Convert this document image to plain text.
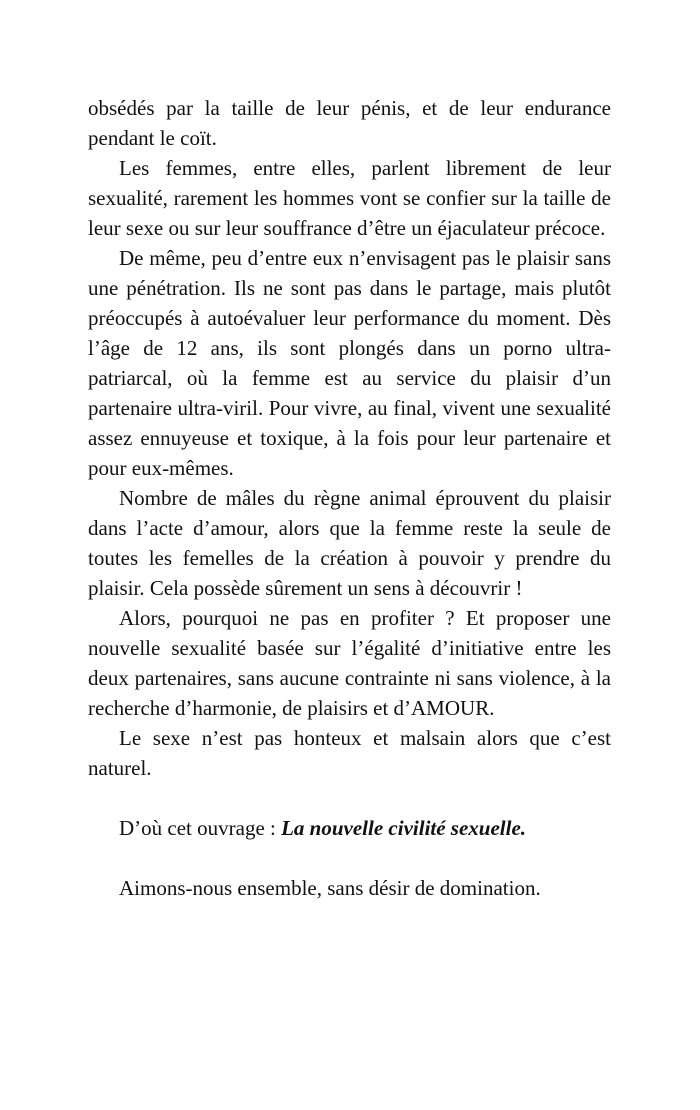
obsédés par la taille de leur pénis, et de leur endurance pendant le coït.

Les femmes, entre elles, parlent librement de leur sexualité, rarement les hommes vont se confier sur la taille de leur sexe ou sur leur souffrance d’être un éjaculateur précoce.

De même, peu d’entre eux n’envisagent pas le plaisir sans une pénétration. Ils ne sont pas dans le partage, mais plutôt préoccupés à autoévaluer leur performance du moment. Dès l’âge de 12 ans, ils sont plongés dans un porno ultra-patriarcal, où la femme est au service du plaisir d’un partenaire ultra-viril. Pour vivre, au final, vivent une sexualité assez ennuyeuse et toxique, à la fois pour leur partenaire et pour eux-mêmes.

Nombre de mâles du règne animal éprouvent du plaisir dans l’acte d’amour, alors que la femme reste la seule de toutes les femelles de la création à pouvoir y prendre du plaisir. Cela possède sûrement un sens à découvrir !

Alors, pourquoi ne pas en profiter ? Et proposer une nouvelle sexualité basée sur l’égalité d’initiative entre les deux partenaires, sans aucune contrainte ni sans violence, à la recherche d’harmonie, de plaisirs et d’AMOUR.

Le sexe n’est pas honteux et malsain alors que c’est naturel.

D’où cet ouvrage : La nouvelle civilité sexuelle.

Aimons-nous ensemble, sans désir de domination.
